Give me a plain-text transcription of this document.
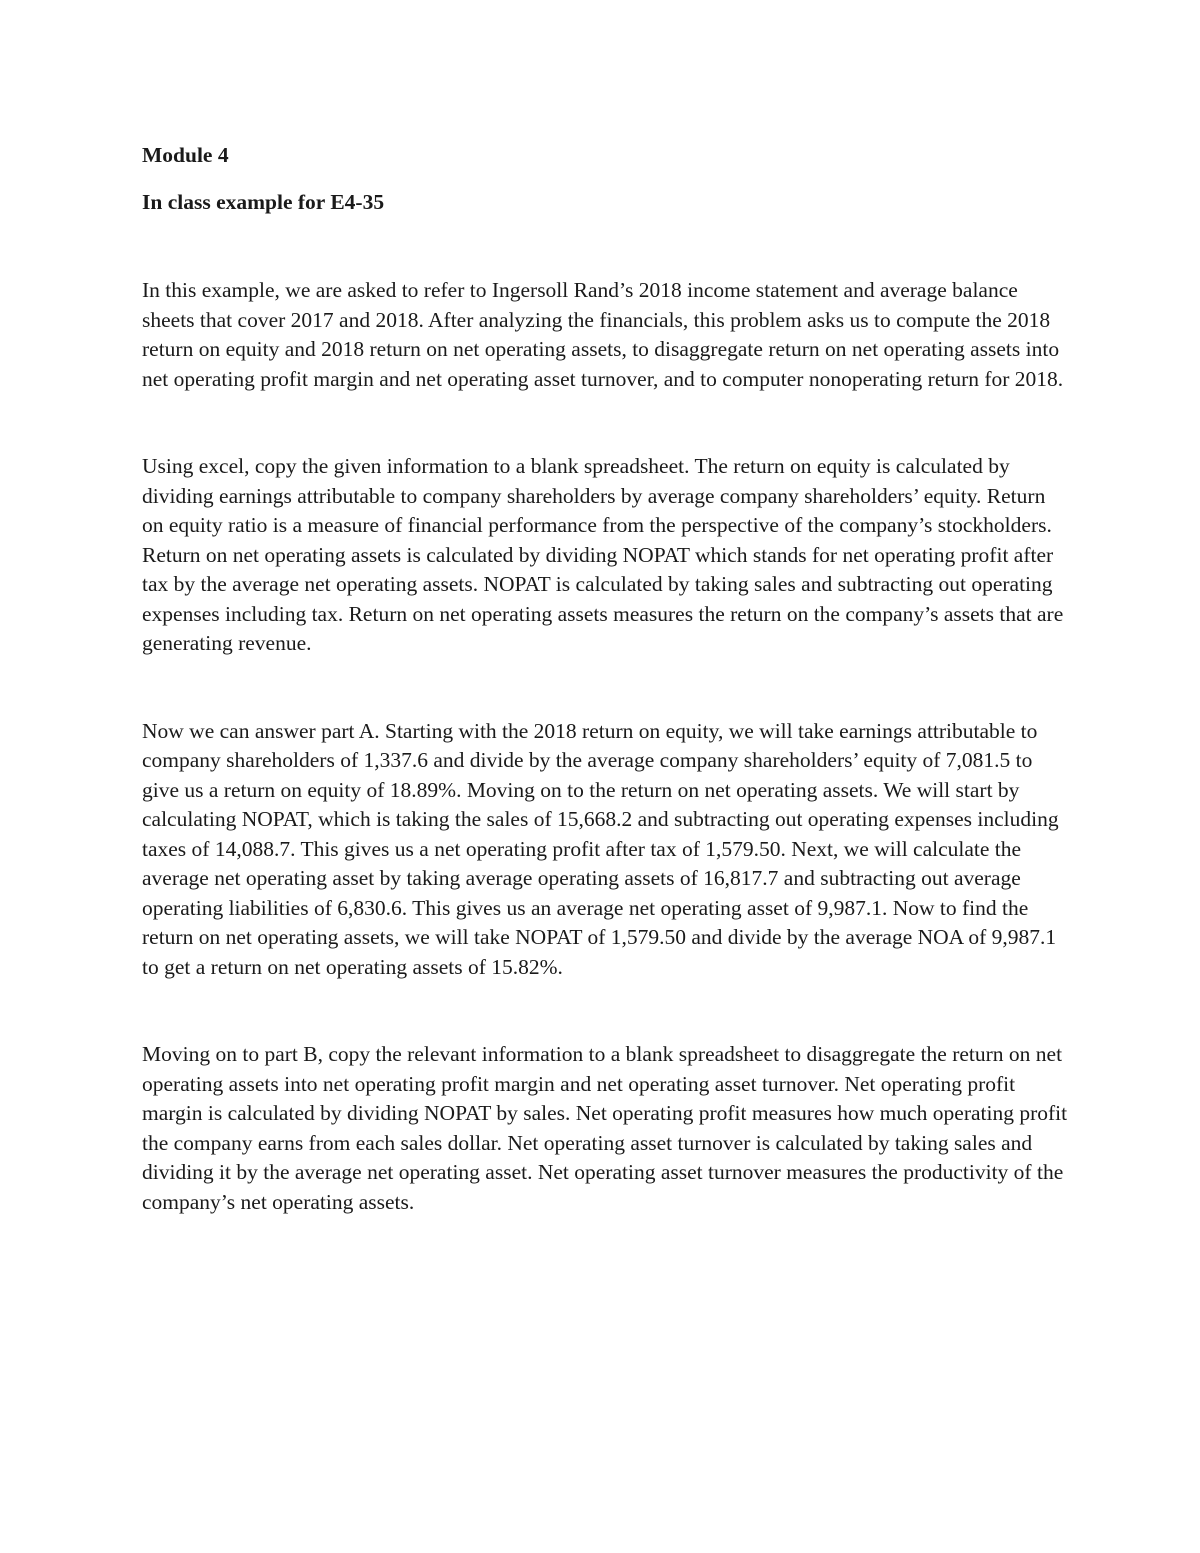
Module 4

In class example for E4-35

In this example, we are asked to refer to Ingersoll Rand’s 2018 income statement and average balance sheets that cover 2017 and 2018. After analyzing the financials, this problem asks us to compute the 2018 return on equity and 2018 return on net operating assets, to disaggregate return on net operating assets into net operating profit margin and net operating asset turnover, and to computer nonoperating return for 2018.

Using excel, copy the given information to a blank spreadsheet. The return on equity is calculated by dividing earnings attributable to company shareholders by average company shareholders’ equity. Return on equity ratio is a measure of financial performance from the perspective of the company’s stockholders. Return on net operating assets is calculated by dividing NOPAT which stands for net operating profit after tax by the average net operating assets. NOPAT is calculated by taking sales and subtracting out operating expenses including tax. Return on net operating assets measures the return on the company’s assets that are generating revenue.

Now we can answer part A. Starting with the 2018 return on equity, we will take earnings attributable to company shareholders of 1,337.6 and divide by the average company shareholders’ equity of 7,081.5 to give us a return on equity of 18.89%. Moving on to the return on net operating assets. We will start by calculating NOPAT, which is taking the sales of 15,668.2 and subtracting out operating expenses including taxes of 14,088.7. This gives us a net operating profit after tax of 1,579.50. Next, we will calculate the average net operating asset by taking average operating assets of 16,817.7 and subtracting out average operating liabilities of 6,830.6. This gives us an average net operating asset of 9,987.1. Now to find the return on net operating assets, we will take NOPAT of 1,579.50 and divide by the average NOA of 9,987.1 to get a return on net operating assets of 15.82%.

Moving on to part B, copy the relevant information to a blank spreadsheet to disaggregate the return on net operating assets into net operating profit margin and net operating asset turnover. Net operating profit margin is calculated by dividing NOPAT by sales. Net operating profit measures how much operating profit the company earns from each sales dollar. Net operating asset turnover is calculated by taking sales and dividing it by the average net operating asset. Net operating asset turnover measures the productivity of the company’s net operating assets.
